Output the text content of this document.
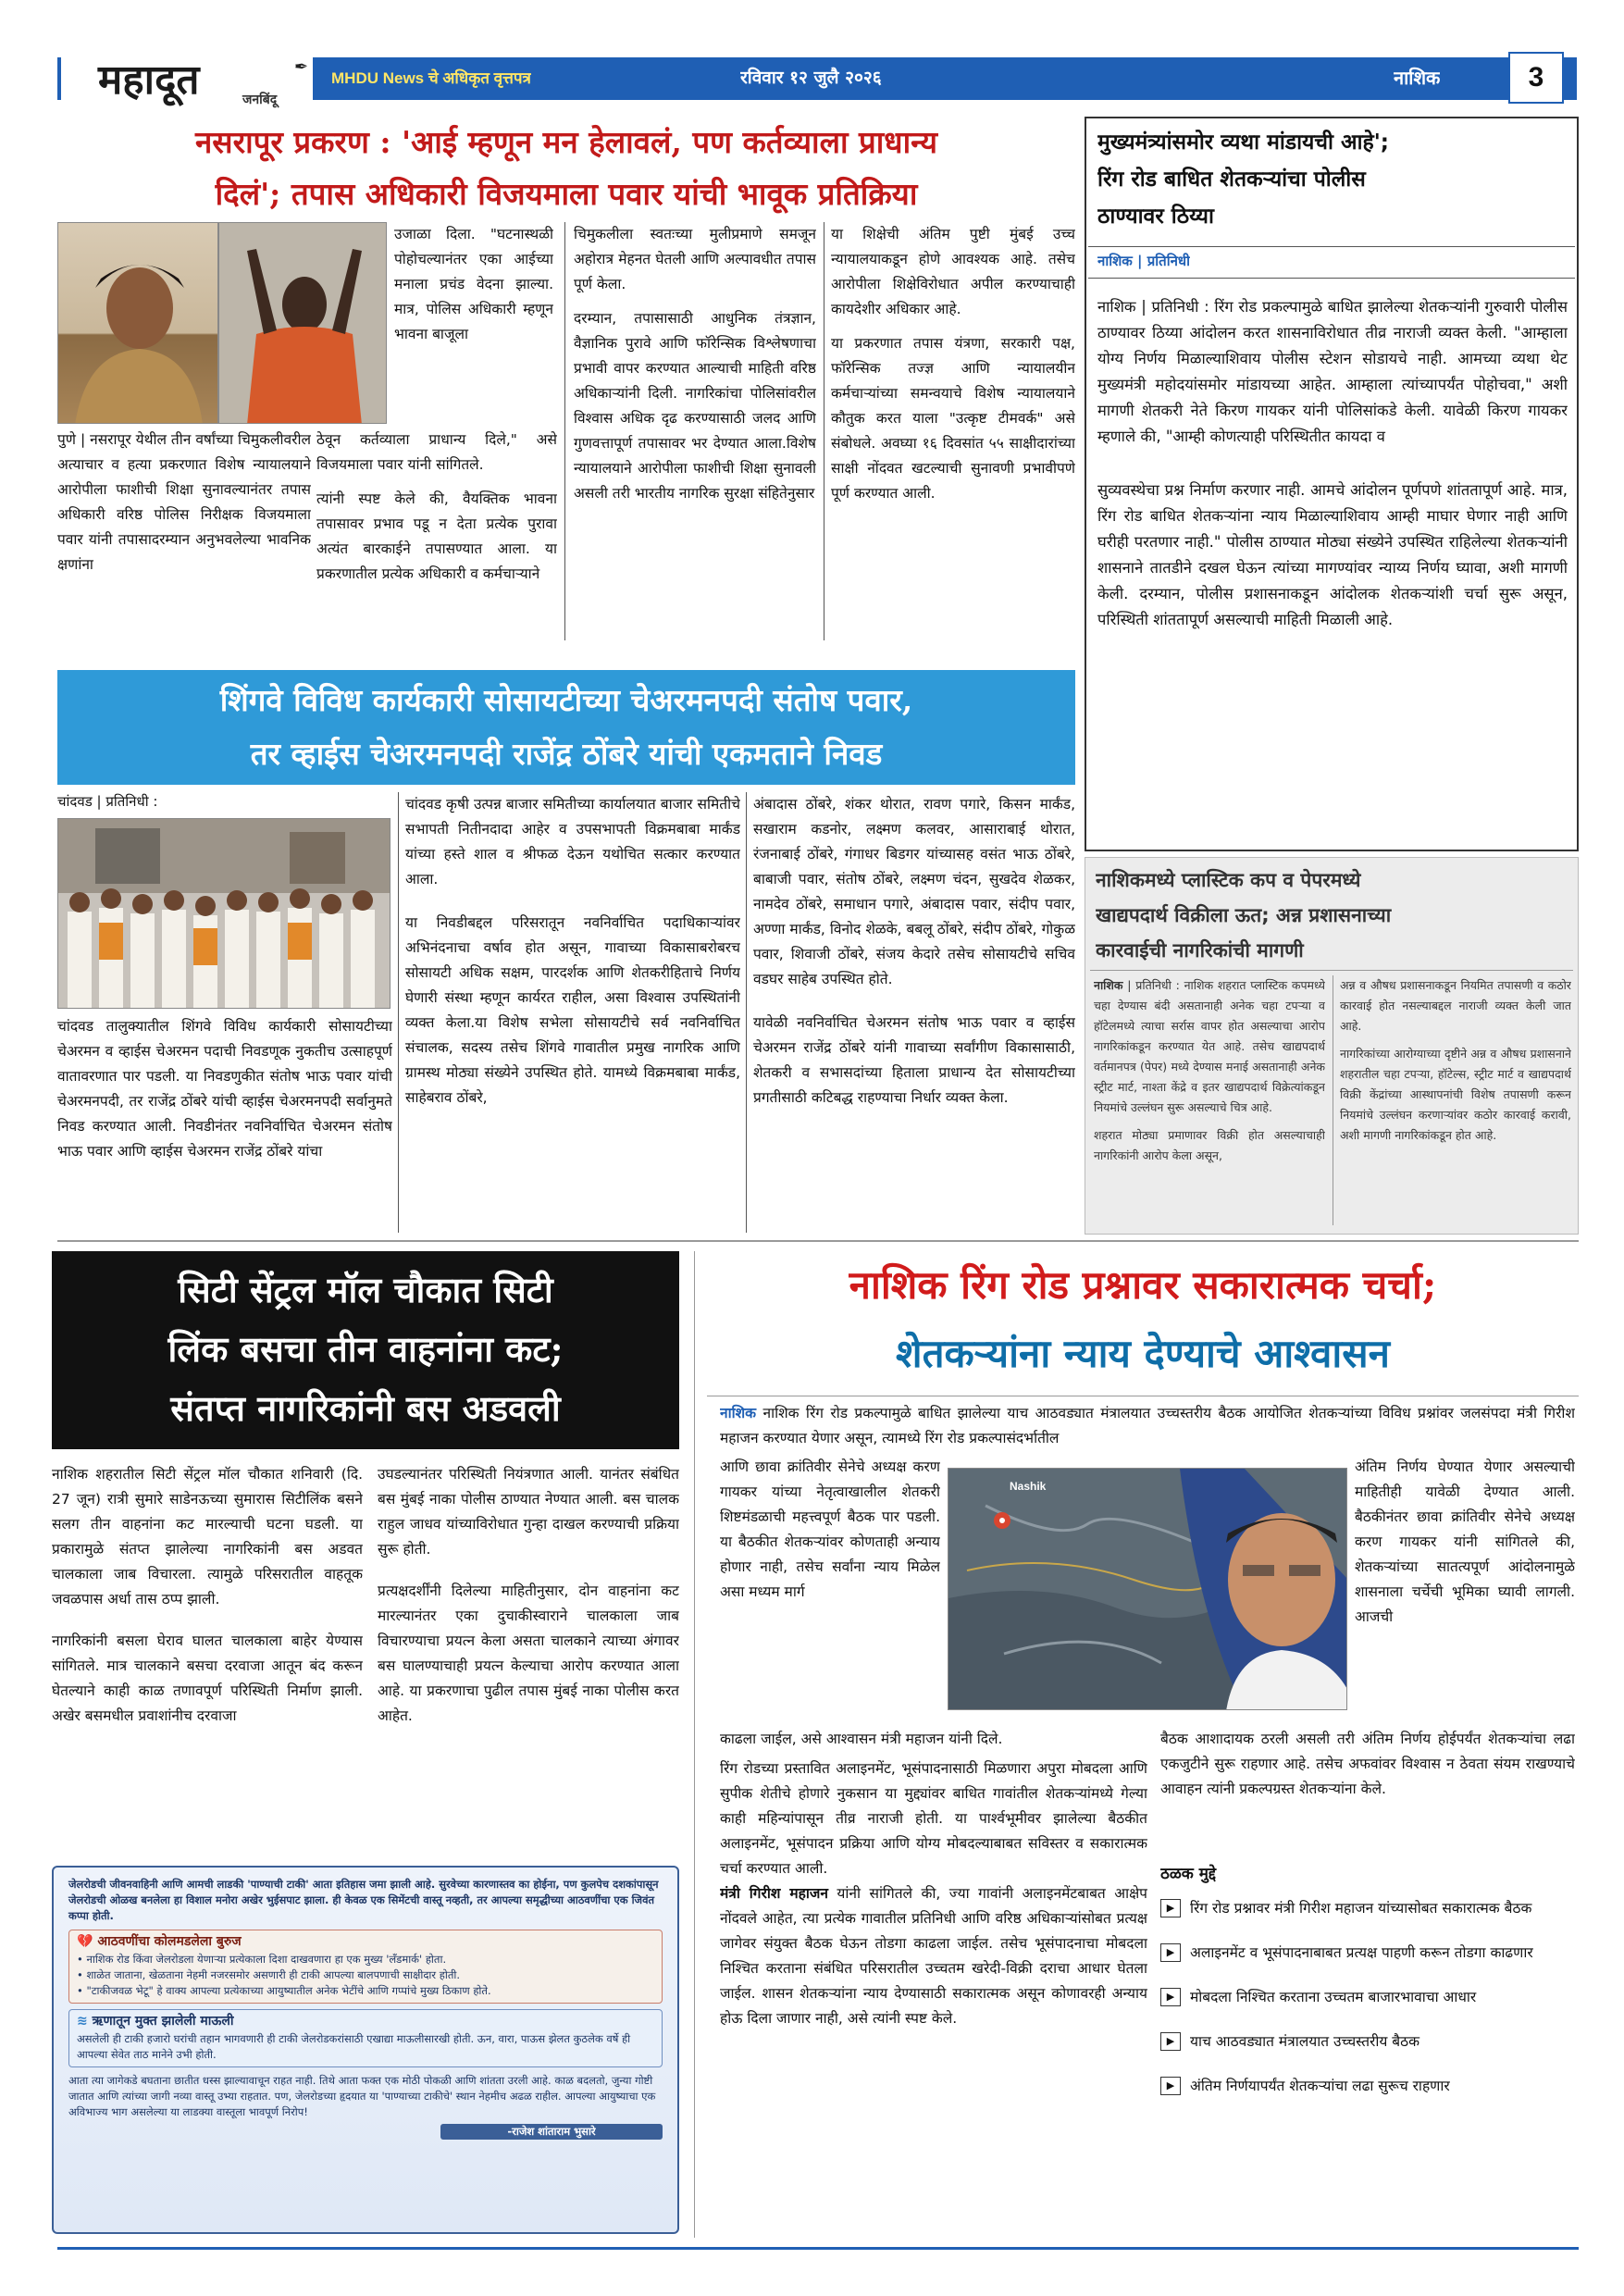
महादूत	✒
जनबिंदू
MHDU News चे अधिकृत वृत्तपत्र	रविवार १२ जुलै २०२६	नाशिक	3
नसरापूर प्रकरण : 'आई म्हणून मन हेलावलं, पण कर्तव्याला प्राधान्य
दिलं'; तपास अधिकारी विजयमाला पवार यांची भावूक प्रतिक्रिया
उजाळा दिला. "घटनास्थळी पोहोचल्यानंतर एका आईच्या मनाला प्रचंड वेदना झाल्या. मात्र, पोलिस अधिकारी म्हणून भावना बाजूला
पुणे | नसरापूर येथील तीन वर्षांच्या चिमुकलीवरील अत्याचार व हत्या प्रकरणात विशेष न्यायालयाने आरोपीला फाशीची शिक्षा सुनावल्यानंतर तपास अधिकारी वरिष्ठ पोलिस निरीक्षक विजयमाला पवार यांनी तपासादरम्यान अनुभवलेल्या भावनिक क्षणांना

ठेवून कर्तव्याला प्राधान्य दिले," असे विजयमाला पवार यांनी सांगितले.

त्यांनी स्पष्ट केले की, वैयक्तिक भावना तपासावर प्रभाव पडू न देता प्रत्येक पुरावा अत्यंत बारकाईने तपासण्यात आला. या प्रकरणातील प्रत्येक अधिकारी व कर्मचाऱ्याने

चिमुकलीला स्वतःच्या मुलीप्रमाणे समजून अहोरात्र मेहनत घेतली आणि अल्पावधीत तपास पूर्ण केला.

दरम्यान, तपासासाठी आधुनिक तंत्रज्ञान, वैज्ञानिक पुरावे आणि फॉरेन्सिक विश्लेषणाचा प्रभावी वापर करण्यात आल्याची माहिती वरिष्ठ अधिकाऱ्यांनी दिली. नागरिकांचा पोलिसांवरील विश्वास अधिक दृढ करण्यासाठी जलद आणि गुणवत्तापूर्ण तपासावर भर देण्यात आला.विशेष न्यायालयाने आरोपीला फाशीची शिक्षा सुनावली असली तरी भारतीय नागरिक सुरक्षा संहितेनुसार

या शिक्षेची अंतिम पुष्टी मुंबई उच्च न्यायालयाकडून होणे आवश्यक आहे. तसेच आरोपीला शिक्षेविरोधात अपील करण्याचाही कायदेशीर अधिकार आहे.

या प्रकरणात तपास यंत्रणा, सरकारी पक्ष, फॉरेन्सिक तज्ज्ञ आणि न्यायालयीन कर्मचाऱ्यांच्या समन्वयाचे विशेष न्यायालयाने कौतुक करत याला "उत्कृष्ट टीमवर्क" असे संबोधले. अवघ्या १६ दिवसांत ५५ साक्षीदारांच्या साक्षी नोंदवत खटल्याची सुनावणी प्रभावीपणे पूर्ण करण्यात आली.

मुख्यमंत्र्यांसमोर व्यथा मांडायची आहे';
रिंग रोड बाधित शेतकऱ्यांचा पोलीस
ठाण्यावर ठिय्या
नाशिक | प्रतिनिधी

नाशिक | प्रतिनिधी : रिंग रोड प्रकल्पामुळे बाधित झालेल्या शेतकऱ्यांनी गुरुवारी पोलीस ठाण्यावर ठिय्या आंदोलन करत शासनाविरोधात तीव्र नाराजी व्यक्त केली. "आम्हाला योग्य निर्णय मिळाल्याशिवाय पोलीस स्टेशन सोडायचे नाही. आमच्या व्यथा थेट मुख्यमंत्री महोदयांसमोर मांडायच्या आहेत. आम्हाला त्यांच्यापर्यंत पोहोचवा," अशी मागणी शेतकरी नेते किरण गायकर यांनी पोलिसांकडे केली. यावेळी किरण गायकर म्हणाले की, "आम्ही कोणत्याही परिस्थितीत कायदा व

सुव्यवस्थेचा प्रश्न निर्माण करणार नाही. आमचे आंदोलन पूर्णपणे शांततापूर्ण आहे. मात्र, रिंग रोड बाधित शेतकऱ्यांना न्याय मिळाल्याशिवाय आम्ही माघार घेणार नाही आणि घरीही परतणार नाही." पोलीस ठाण्यात मोठ्या संख्येने उपस्थित राहिलेल्या शेतकऱ्यांनी शासनाने तातडीने दखल घेऊन त्यांच्या मागण्यांवर न्याय्य निर्णय घ्यावा, अशी मागणी केली. दरम्यान, पोलीस प्रशासनाकडून आंदोलक शेतकऱ्यांशी चर्चा सुरू असून, परिस्थिती शांततापूर्ण असल्याची माहिती मिळाली आहे.

शिंगवे विविध कार्यकारी सोसायटीच्या चेअरमनपदी संतोष पवार,
तर व्हाईस चेअरमनपदी राजेंद्र ठोंबरे यांची एकमताने निवड
चांदवड | प्रतिनिधी :
चांदवड तालुक्यातील शिंगवे विविध कार्यकारी सोसायटीच्या चेअरमन व व्हाईस चेअरमन पदाची निवडणूक नुकतीच उत्साहपूर्ण वातावरणात पार पडली. या निवडणुकीत संतोष भाऊ पवार यांची चेअरमनपदी, तर राजेंद्र ठोंबरे यांची व्हाईस चेअरमनपदी सर्वानुमते निवड करण्यात आली. निवडीनंतर नवनिर्वाचित चेअरमन संतोष भाऊ पवार आणि व्हाईस चेअरमन राजेंद्र ठोंबरे यांचा

चांदवड कृषी उत्पन्न बाजार समितीच्या कार्यालयात बाजार समितीचे सभापती नितीनदादा आहेर व उपसभापती विक्रमबाबा मार्कंड यांच्या हस्ते शाल व श्रीफळ देऊन यथोचित सत्कार करण्यात आला.

या निवडीबद्दल परिसरातून नवनिर्वाचित पदाधिकाऱ्यांवर अभिनंदनाचा वर्षाव होत असून, गावाच्या विकासाबरोबरच सोसायटी अधिक सक्षम, पारदर्शक आणि शेतकरीहिताचे निर्णय घेणारी संस्था म्हणून कार्यरत राहील, असा विश्वास उपस्थितांनी व्यक्त केला.या विशेष सभेला सोसायटीचे सर्व नवनिर्वाचित संचालक, सदस्य तसेच शिंगवे गावातील प्रमुख नागरिक आणि ग्रामस्थ मोठ्या संख्येने उपस्थित होते. यामध्ये विक्रमबाबा मार्कंड, साहेबराव ठोंबरे,

अंबादास ठोंबरे, शंकर थोरात, रावण पगारे, किसन मार्कंड, सखाराम कडनोर, लक्ष्मण कलवर, आसाराबाई थोरात, रंजनाबाई ठोंबरे, गंगाधर बिडगर यांच्यासह वसंत भाऊ ठोंबरे, बाबाजी पवार, संतोष ठोंबरे, लक्ष्मण चंदन, सुखदेव शेळकर, नामदेव ठोंबरे, समाधान पगारे, अंबादास पवार, संदीप पवार, अण्णा मार्कंड, विनोद शेळके, बबलू ठोंबरे, संदीप ठोंबरे, गोकुळ पवार, शिवाजी ठोंबरे, संजय केदारे तसेच सोसायटीचे सचिव वडघर साहेब उपस्थित होते.

यावेळी नवनिर्वाचित चेअरमन संतोष भाऊ पवार व व्हाईस चेअरमन राजेंद्र ठोंबरे यांनी गावाच्या सर्वांगीण विकासासाठी, शेतकरी व सभासदांच्या हिताला प्राधान्य देत सोसायटीच्या प्रगतीसाठी कटिबद्ध राहण्याचा निर्धार व्यक्त केला.

नाशिकमध्ये प्लास्टिक कप व पेपरमध्ये
खाद्यपदार्थ विक्रीला ऊत; अन्न प्रशासनाच्या
कारवाईची नागरिकांची मागणी

नाशिक | प्रतिनिधी : नाशिक शहरात प्लास्टिक कपमध्ये चहा देण्यास बंदी असतानाही अनेक चहा टपऱ्या व हॉटेलमध्ये त्याचा सर्रास वापर होत असल्याचा आरोप नागरिकांकडून करण्यात येत आहे. तसेच खाद्यपदार्थ वर्तमानपत्र (पेपर) मध्ये देण्यास मनाई असतानाही अनेक स्ट्रीट मार्ट, नाश्ता केंद्रे व इतर खाद्यपदार्थ विक्रेत्यांकडून नियमांचे उल्लंघन सुरू असल्याचे चित्र आहे.

शहरात मोठ्या प्रमाणावर विक्री होत असल्याचाही नागरिकांनी आरोप केला असून,

अन्न व औषध प्रशासनाकडून नियमित तपासणी व कठोर कारवाई होत नसल्याबद्दल नाराजी व्यक्त केली जात आहे.

नागरिकांच्या आरोग्याच्या दृष्टीने अन्न व औषध प्रशासनाने शहरातील चहा टपऱ्या, हॉटेल्स, स्ट्रीट मार्ट व खाद्यपदार्थ विक्री केंद्रांच्या आस्थापनांची विशेष तपासणी करून नियमांचे उल्लंघन करणाऱ्यांवर कठोर कारवाई करावी, अशी मागणी नागरिकांकडून होत आहे.

सिटी सेंट्रल मॉल चौकात सिटी
लिंक बसचा तीन वाहनांना कट;
संतप्त नागरिकांनी बस अडवली

नाशिक शहरातील सिटी सेंट्रल मॉल चौकात शनिवारी (दि. 27 जून) रात्री सुमारे साडेनऊच्या सुमारास सिटीलिंक बसने सलग तीन वाहनांना कट मारल्याची घटना घडली. या प्रकारामुळे संतप्त झालेल्या नागरिकांनी बस अडवत चालकाला जाब विचारला. त्यामुळे परिसरातील वाहतूक जवळपास अर्धा तास ठप्प झाली.

नागरिकांनी बसला घेराव घालत चालकाला बाहेर येण्यास सांगितले. मात्र चालकाने बसचा दरवाजा आतून बंद करून घेतल्याने काही काळ तणावपूर्ण परिस्थिती निर्माण झाली. अखेर बसमधील प्रवाशांनीच दरवाजा

उघडल्यानंतर परिस्थिती नियंत्रणात आली. यानंतर संबंधित बस मुंबई नाका पोलीस ठाण्यात नेण्यात आली. बस चालक राहुल जाधव यांच्याविरोधात गुन्हा दाखल करण्याची प्रक्रिया सुरू होती.

प्रत्यक्षदर्शींनी दिलेल्या माहितीनुसार, दोन वाहनांना कट मारल्यानंतर एका दुचाकीस्वाराने चालकाला जाब विचारण्याचा प्रयत्न केला असता चालकाने त्याच्या अंगावर बस घालण्याचाही प्रयत्न केल्याचा आरोप करण्यात आला आहे. या प्रकरणाचा पुढील तपास मुंबई नाका पोलीस करत आहेत.

जेलरोडची जीवनवाहिनी आणि आमची लाडकी 'पाण्याची टाकी' आता इतिहास जमा झाली आहे. सुरवेच्या कारणास्तव का होईना, पण कुलपेच दशकांपासून जेलरोडची ओळख बनलेला हा विशाल मनोरा अखेर भुईसपाट झाला. ही केवळ एक सिमेंटची वास्तू नव्हती, तर आपल्या समृद्धीच्या आठवणींचा एक जिवंत कप्पा होती.
💔 आठवणींचा कोलमडलेला बुरुज
• नाशिक रोड किंवा जेलरोडला येणाऱ्या प्रत्येकाला दिशा दाखवणारा हा एक मुख्य 'लँडमार्क' होता.
• शाळेत जाताना, खेळताना नेहमी नजरसमोर असणारी ही टाकी आपल्या बालपणाची साक्षीदार होती.
• "टाकीजवळ भेटू" हे वाक्य आपल्या प्रत्येकाच्या आयुष्यातील अनेक भेटींचे आणि गप्पांचे मुख्य ठिकाण होते.
≋ ऋणातून मुक्त झालेली माऊली
असलेली ही टाकी हजारो घरांची तहान भागवणारी ही टाकी जेलरोडकरांसाठी एखाद्या माऊलीसारखी होती. ऊन, वारा, पाऊस झेलत कुठलेक वर्षे ही आपल्या सेवेत ताठ मानेने उभी होती.
आता त्या जागेकडे बघताना छातीत धस्स झाल्यावाचून राहत नाही. तिथे आता फक्त एक मोठी पोकळी आणि शांतता उरली आहे. काळ बदलतो, जुन्या गोष्टी जातात आणि त्यांच्या जागी नव्या वास्तू उभ्या राहतात. पण, जेलरोडच्या हृदयात या 'पाण्याच्या टाकीचे' स्थान नेहमीच अढळ राहील. आपल्या आयुष्याचा एक अविभाज्य भाग असलेल्या या लाडक्या वास्तूला भावपूर्ण निरोप!
-राजेश शांताराम भुसारे
नाशिक रिंग रोड प्रश्नावर सकारात्मक चर्चा;
शेतकऱ्यांना न्याय देण्याचे आश्वासन
नाशिक नाशिक रिंग रोड प्रकल्पामुळे बाधित झालेल्या याच आठवड्यात मंत्रालयात उच्चस्तरीय बैठक आयोजित शेतकऱ्यांच्या विविध प्रश्नांवर जलसंपदा मंत्री गिरीश महाजन करण्यात येणार असून, त्यामध्ये रिंग रोड प्रकल्पासंदर्भातील
आणि छावा क्रांतिवीर सेनेचे अध्यक्ष करण गायकर यांच्या नेतृत्वाखालील शेतकरी शिष्टमंडळाची महत्त्वपूर्ण बैठक पार पडली. या बैठकीत शेतकऱ्यांवर कोणताही अन्याय होणार नाही, तसेच सर्वांना न्याय मिळेल असा मध्यम मार्ग
Nashik
अंतिम निर्णय घेण्यात येणार असल्याची माहितीही यावेळी देण्यात आली. बैठकीनंतर छावा क्रांतिवीर सेनेचे अध्यक्ष करण गायकर यांनी सांगितले की, शेतकऱ्यांच्या सातत्यपूर्ण आंदोलनामुळे शासनाला चर्चेची भूमिका घ्यावी लागली. आजची
काढला जाईल, असे आश्वासन मंत्री महाजन यांनी दिले.

रिंग रोडच्या प्रस्तावित अलाइनमेंट, भूसंपादनासाठी मिळणारा अपुरा मोबदला आणि सुपीक शेतीचे होणारे नुकसान या मुद्द्यांवर बाधित गावांतील शेतकऱ्यांमध्ये गेल्या काही महिन्यांपासून तीव्र नाराजी होती. या पार्श्वभूमीवर झालेल्या बैठकीत अलाइनमेंट, भूसंपादन प्रक्रिया आणि योग्य मोबदल्याबाबत सविस्तर व सकारात्मक चर्चा करण्यात आली.

मंत्री गिरीश महाजन यांनी सांगितले की, ज्या गावांनी अलाइनमेंटबाबत आक्षेप नोंदवले आहेत, त्या प्रत्येक गावातील प्रतिनिधी आणि वरिष्ठ अधिकाऱ्यांसोबत प्रत्यक्ष जागेवर संयुक्त बैठक घेऊन तोडगा काढला जाईल. तसेच भूसंपादनाचा मोबदला निश्चित करताना संबंधित परिसरातील उच्चतम खरेदी-विक्री दराचा आधार घेतला जाईल. शासन शेतकऱ्यांना न्याय देण्यासाठी सकारात्मक असून कोणावरही अन्याय होऊ दिला जाणार नाही, असे त्यांनी स्पष्ट केले.

बैठक आशादायक ठरली असली तरी अंतिम निर्णय होईपर्यंत शेतकऱ्यांचा लढा एकजुटीने सुरू राहणार आहे. तसेच अफवांवर विश्वास न ठेवता संयम राखण्याचे आवाहन त्यांनी प्रकल्पग्रस्त शेतकऱ्यांना केले.
ठळक मुद्दे
▶	रिंग रोड प्रश्नावर मंत्री गिरीश महाजन यांच्यासोबत सकारात्मक बैठक
▶	अलाइनमेंट व भूसंपादनाबाबत प्रत्यक्ष पाहणी करून तोडगा काढणार
▶	मोबदला निश्चित करताना उच्चतम बाजारभावाचा आधार
▶	याच आठवड्यात मंत्रालयात उच्चस्तरीय बैठक
▶	अंतिम निर्णयापर्यंत शेतकऱ्यांचा लढा सुरूच राहणार
